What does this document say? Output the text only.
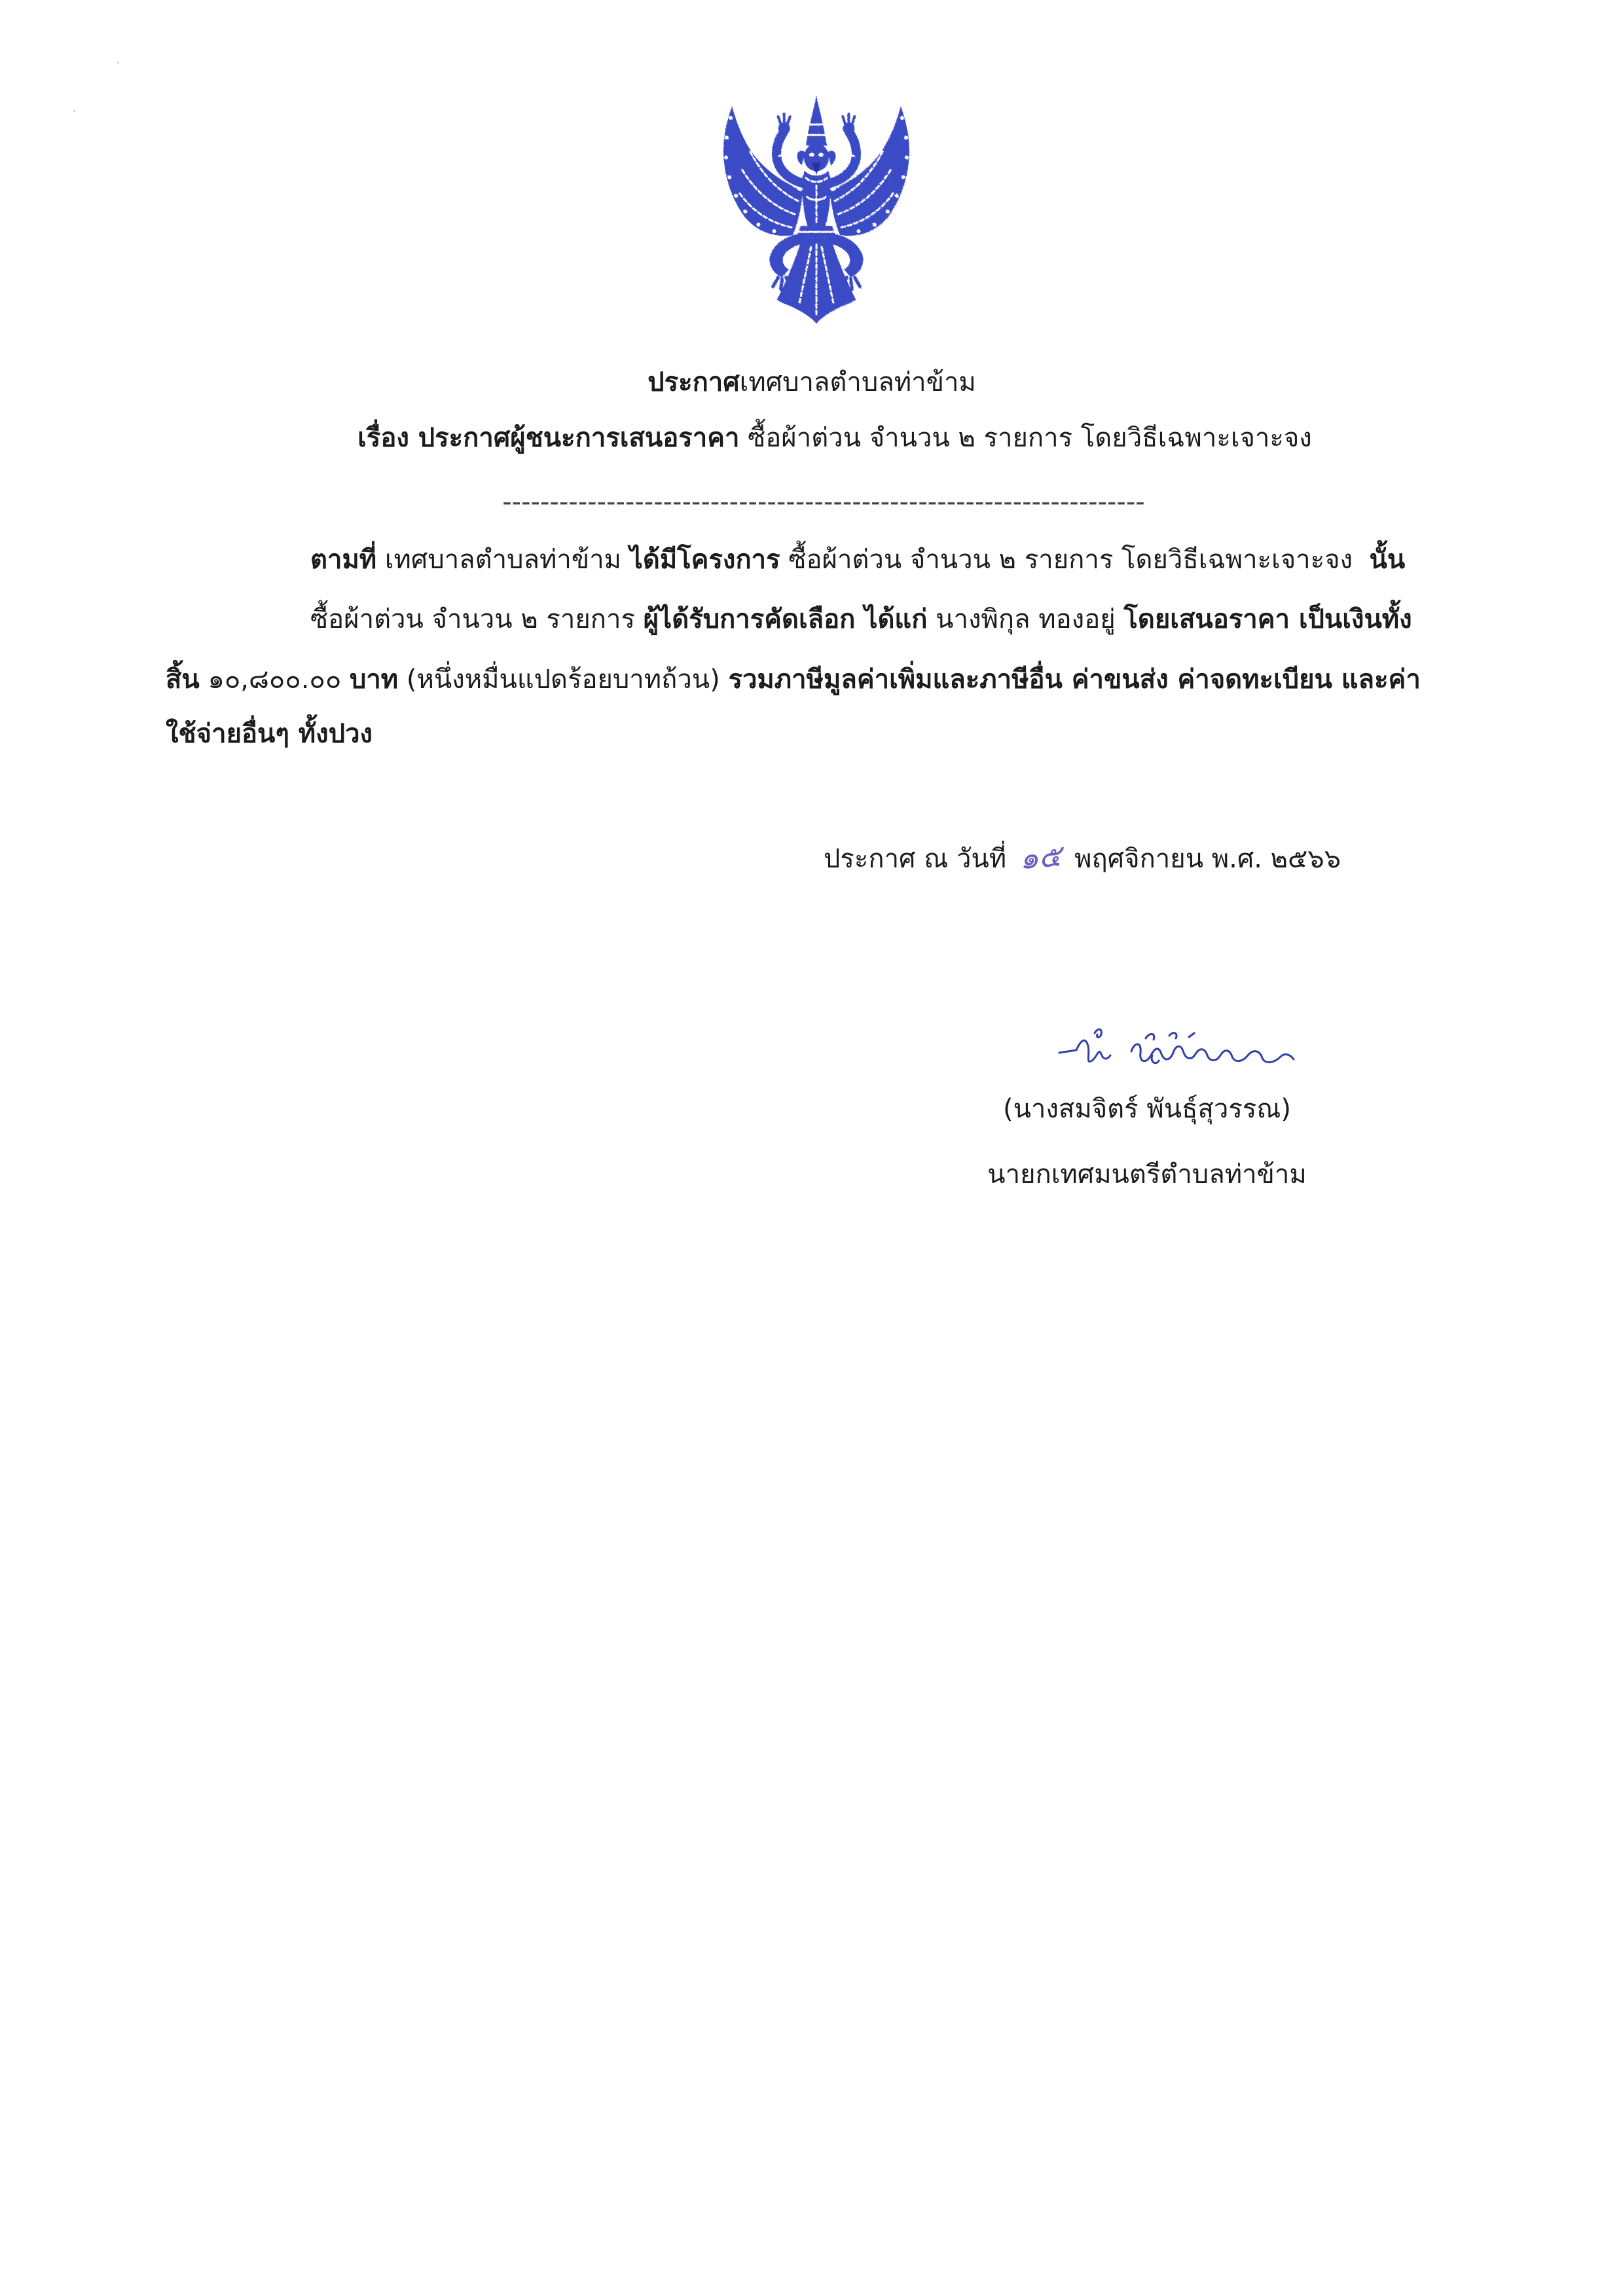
ประกาศเทศบาลตำบลท่าข้าม
เรื่อง ประกาศผู้ชนะการเสนอราคา ซื้อผ้าต่วน จำนวน ๒ รายการ โดยวิธีเฉพาะเจาะจง
--------------------------------------------------------------------
ตามที่ เทศบาลตำบลท่าข้าม ได้มีโครงการ ซื้อผ้าต่วน จำนวน ๒ รายการ โดยวิธีเฉพาะเจาะจง  นั้น
ซื้อผ้าต่วน จำนวน ๒ รายการ ผู้ได้รับการคัดเลือก ได้แก่ นางพิกุล ทองอยู่ โดยเสนอราคา เป็นเงินทั้ง
สิ้น ๑๐,๘๐๐.๐๐ บาท (หนึ่งหมื่นแปดร้อยบาทถ้วน) รวมภาษีมูลค่าเพิ่มและภาษีอื่น ค่าขนส่ง ค่าจดทะเบียน และค่า
ใช้จ่ายอื่นๆ ทั้งปวง
ประกาศ ณ วันที่ ๑๕ พฤศจิกายน พ.ศ. ๒๕๖๖
(นางสมจิตร์ พันธุ์สุวรรณ)
นายกเทศมนตรีตำบลท่าข้าม
